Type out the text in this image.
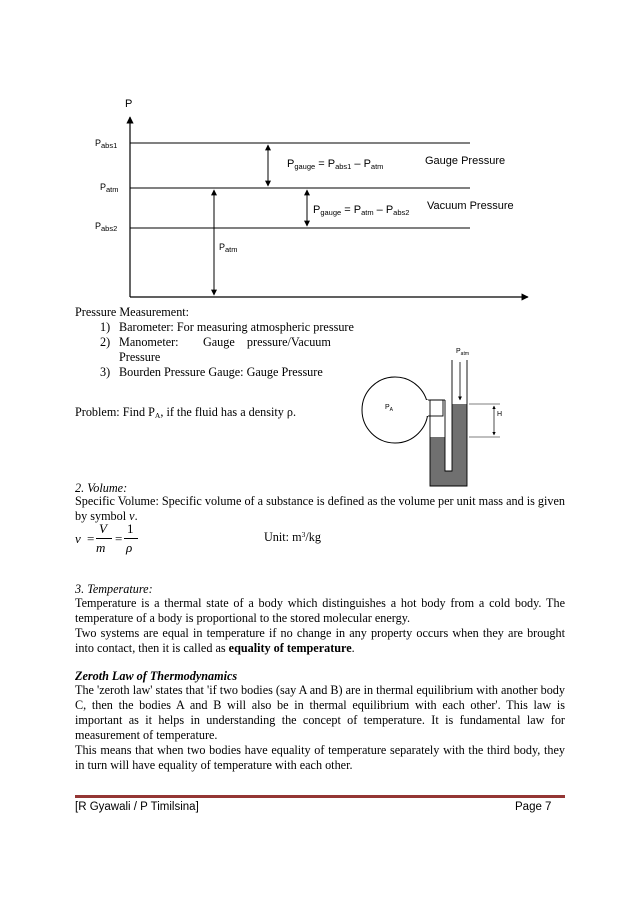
P
$P_{abs1}$
$P_{atm}$
$P_{abs2}$
$P_{gauge} = P_{abs1} - P_{atm}$	Gauge Pressure
$P_{gauge} = P_{atm} - P_{abs2}$
Vacuum Pressure
$P_{atm}$
Pressure Measurement:
1) Barometer: For measuring atmospheric pressure
2) Manometer:        Gauge    pressure/Vacuum Pressure
3) Bourden Pressure Gauge: Gauge Pressure
Problem: Find $P_A$, if the fluid has a density ρ.
$P_{atm}$
$P_A$
H
2. Volume:
Specific Volume: Specific volume of a substance is defined as the volume per unit mass and is given by symbol v.
v =
V
m
=
1
ρ
Unit: $m^3/kg$
3. Temperature:
Temperature is a thermal state of a body which distinguishes a hot body from a cold body. The temperature of a body is proportional to the stored molecular energy.
Two systems are equal in temperature if no change in any property occurs when they are brought into contact, then it is called as equality of temperature.
Zeroth Law of Thermodynamics
The 'zeroth law' states that 'if two bodies (say A and B) are in thermal equilibrium with another body C, then the bodies A and B will also be in thermal equilibrium with each other'. This law is important as it helps in understanding the concept of temperature. It is fundamental law for measurement of temperature.
This means that when two bodies have equality of temperature separately with the third body, they in turn will have equality of temperature with each other.
[R Gyawali / P Timilsina]	Page 7
